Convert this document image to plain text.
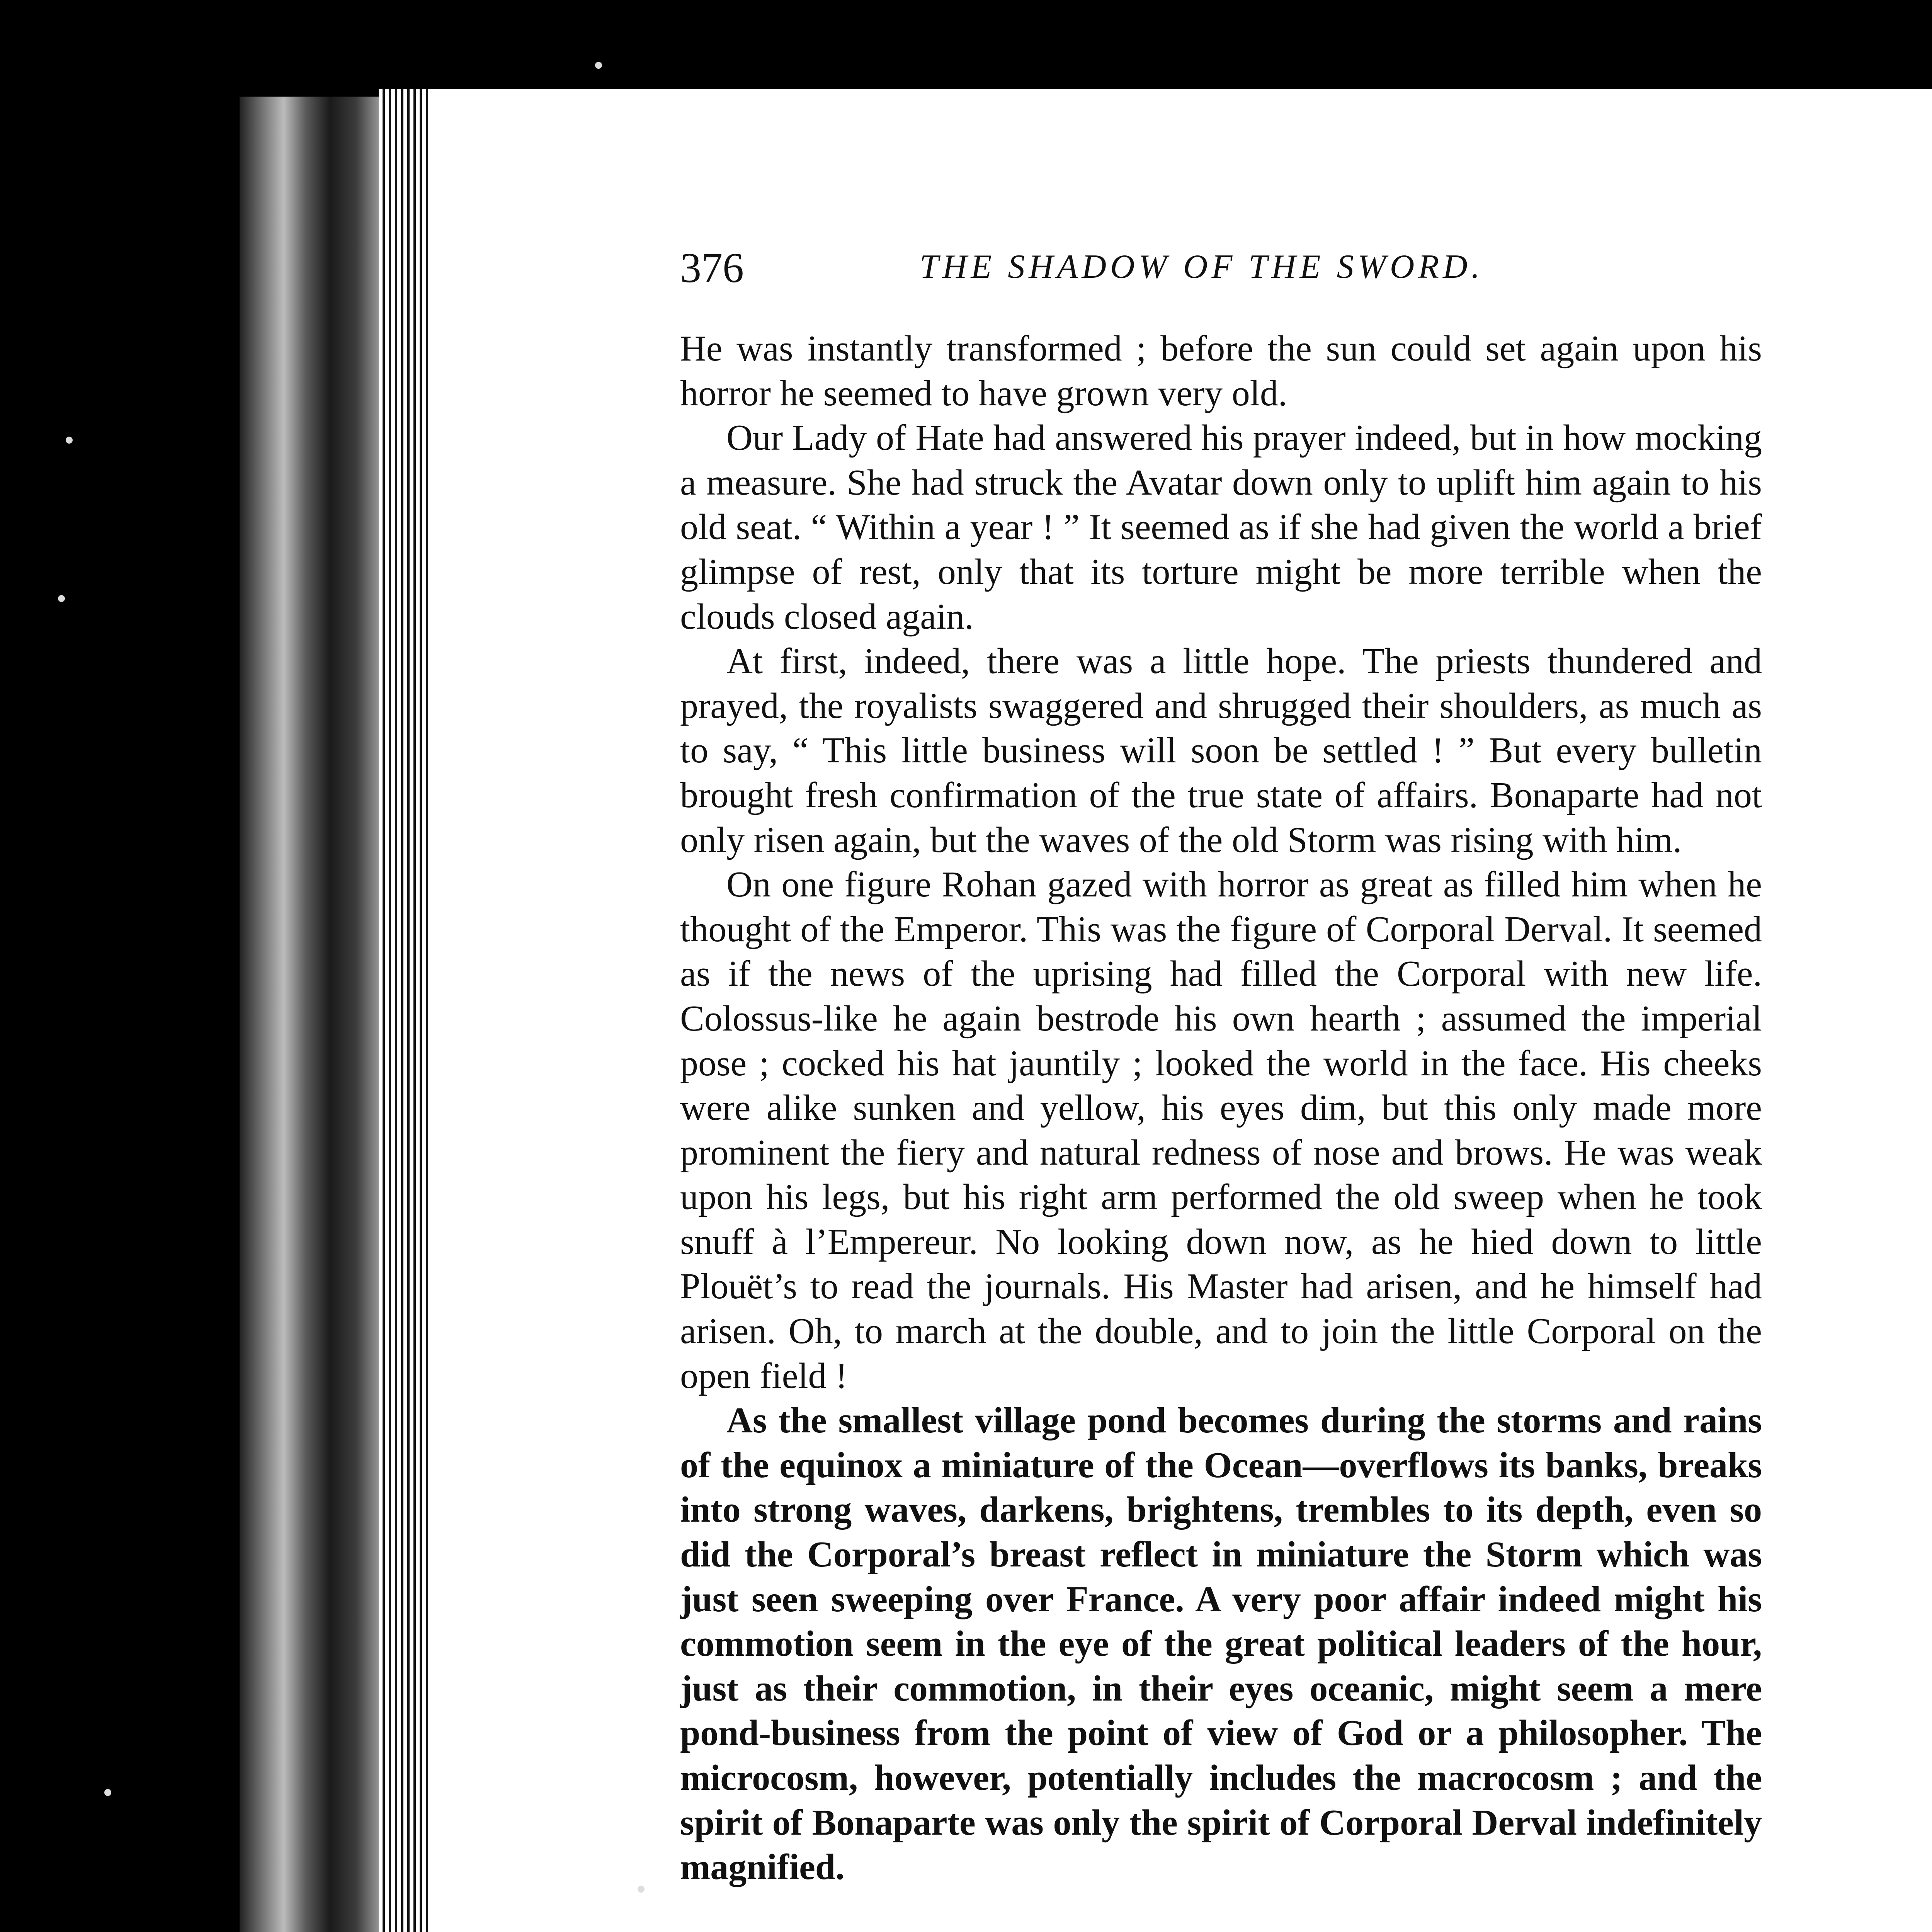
376	THE SHADOW OF THE SWORD.

He was instantly transformed ; before the sun could set again upon his horror he seemed to have grown very old.

Our Lady of Hate had answered his prayer indeed, but in how mocking a measure. She had struck the Avatar down only to uplift him again to his old seat. “ Within a year ! ” It seemed as if she had given the world a brief glimpse of rest, only that its torture might be more terrible when the clouds closed again.

At first, indeed, there was a little hope. The priests thundered and prayed, the royalists swaggered and shrugged their shoulders, as much as to say, “ This little business will soon be settled ! ” But every bulletin brought fresh confirmation of the true state of affairs. Bonaparte had not only risen again, but the waves of the old Storm was rising with him.

On one figure Rohan gazed with horror as great as filled him when he thought of the Emperor. This was the figure of Corporal Derval. It seemed as if the news of the uprising had filled the Corporal with new life. Colossus-like he again bestrode his own hearth ; assumed the imperial pose ; cocked his hat jauntily ; looked the world in the face. His cheeks were alike sunken and yellow, his eyes dim, but this only made more prominent the fiery and natural redness of nose and brows. He was weak upon his legs, but his right arm performed the old sweep when he took snuff à l’Empereur. No looking down now, as he hied down to little Plouët’s to read the journals. His Master had arisen, and he himself had arisen. Oh, to march at the double, and to join the little Corporal on the open field !

As the smallest village pond becomes during the storms and rains of the equinox a miniature of the Ocean—overflows its banks, breaks into strong waves, darkens, brightens, trembles to its depth, even so did the Corporal’s breast reflect in miniature the Storm which was just seen sweeping over France. A very poor affair indeed might his commotion seem in the eye of the great political leaders of the hour, just as their commotion, in their eyes oceanic, might seem a mere pond-business from the point of view of God or a philosopher. The microcosm, however, potentially includes the macrocosm ; and the spirit of Bonaparte was only the spirit of Corporal Derval indefinitely magnified.
